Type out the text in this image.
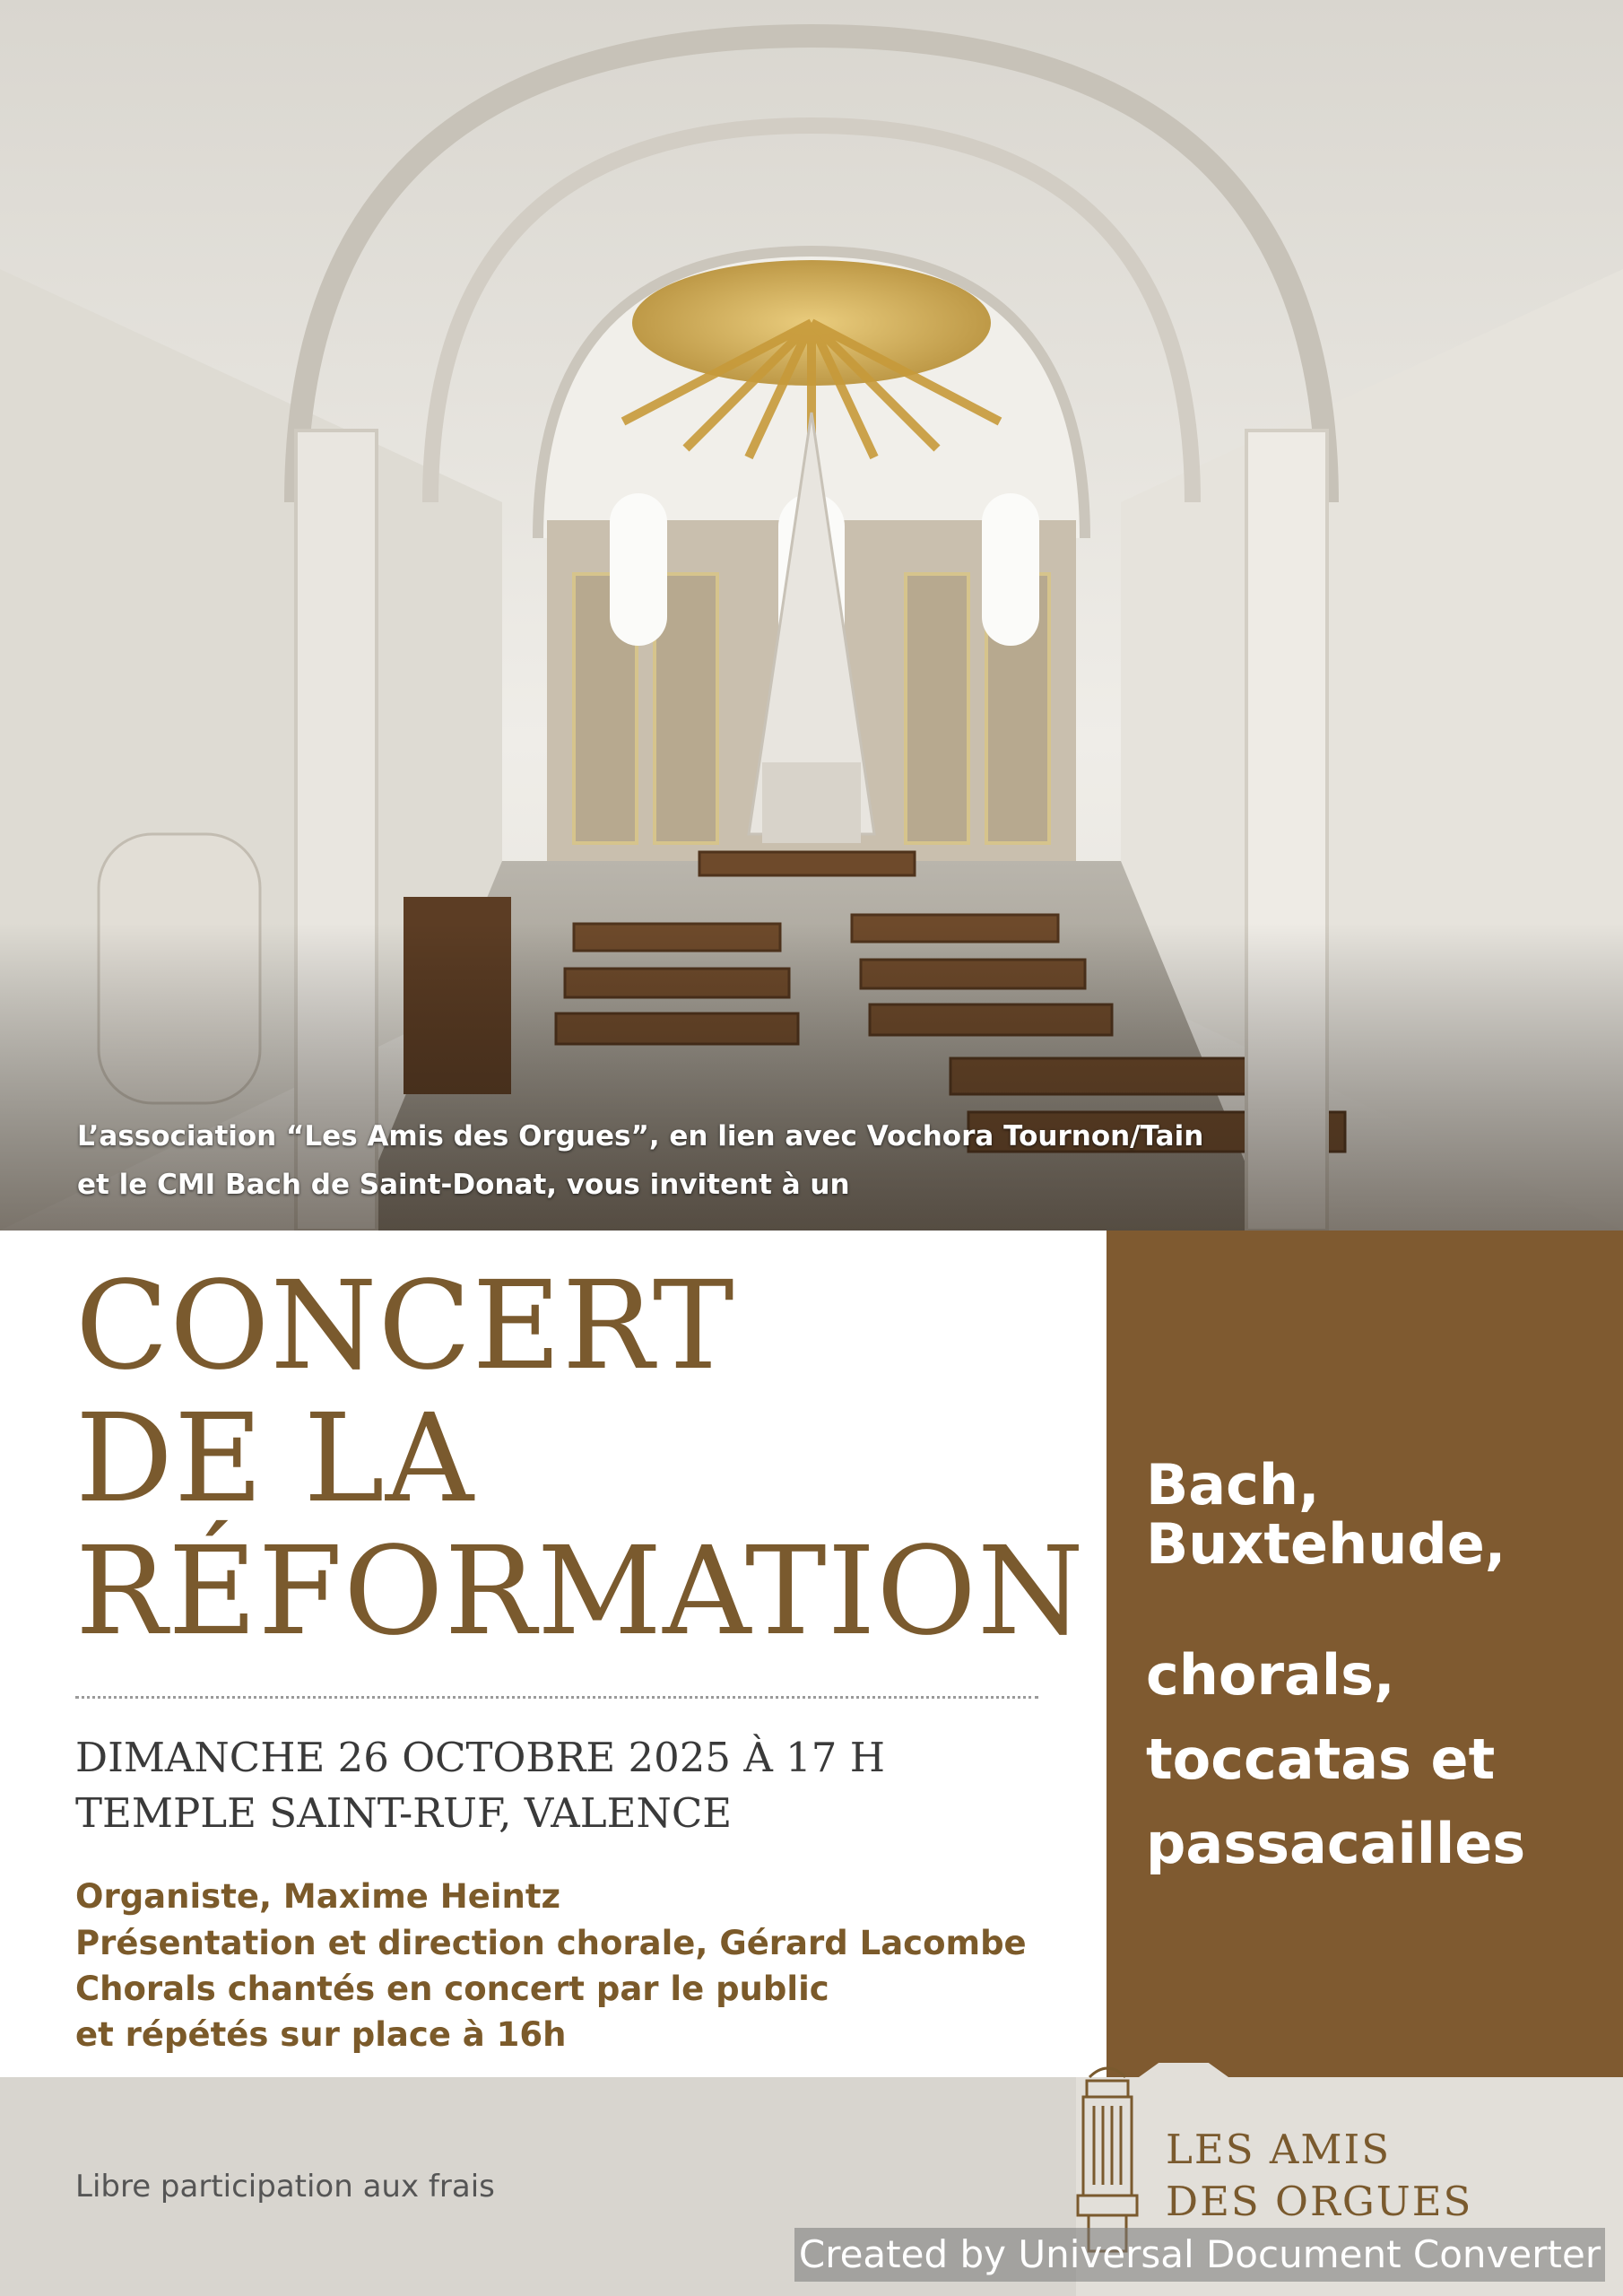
L’association “Les Amis des Orgues”, en lien avec Vochora Tournon/Tain
et le CMI Bach de Saint-Donat, vous invitent à un
CONCERT
DE LA
RÉFORMATION
DIMANCHE 26 OCTOBRE 2025 À 17 H
TEMPLE SAINT-RUF, VALENCE
Organiste, Maxime Heintz
Présentation et direction chorale, Gérard Lacombe
Chorals chantés en concert par le public
et répétés sur place à 16h
Bach,
Buxtehude,
chorals,
toccatas et
passacailles
Libre participation aux frais
LES AMIS
DES ORGUES
Created by Universal Document Converter
